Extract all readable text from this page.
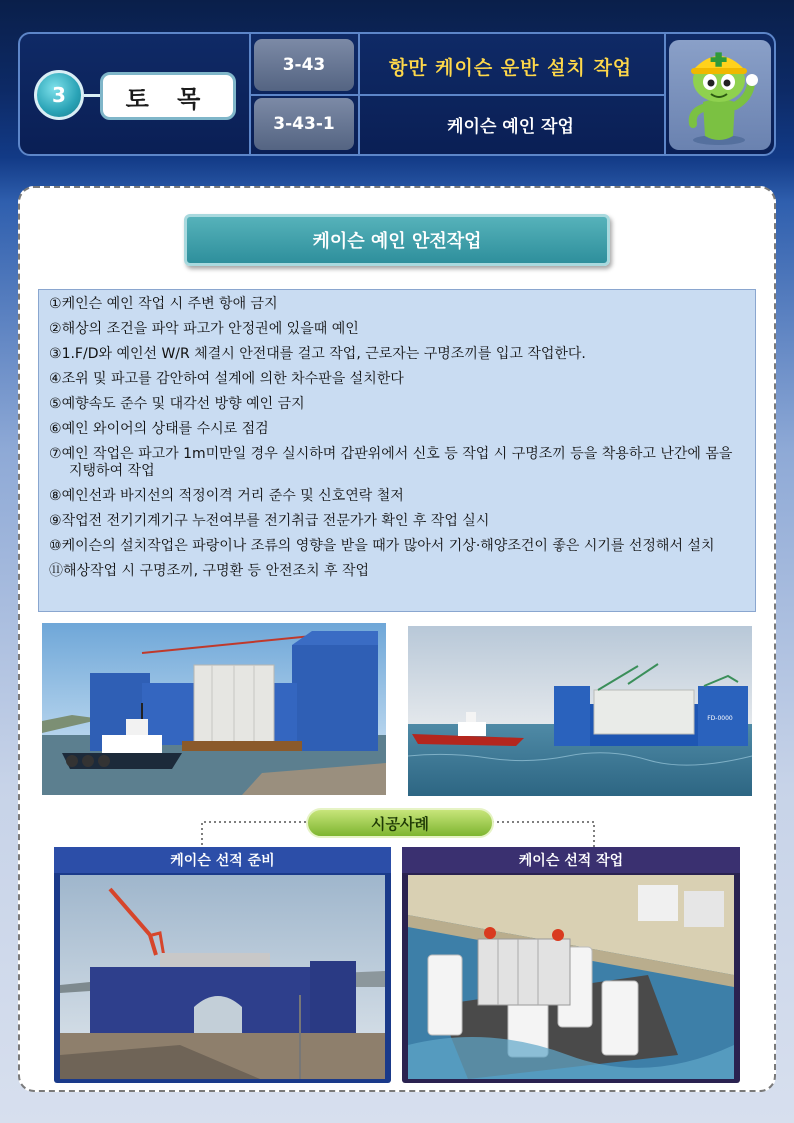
3	토 목
3-43
3-43-1
항만 케이슨 운반 설치 작업
케이슨 예인 작업
케이슨 예인 안전작업

①케인슨 예인 작업 시 주변 항애 금지

②해상의 조건을 파악 파고가 안정권에 있을때 예인

③1.F/D와 예인선 W/R 체결시 안전대를 걸고 작업, 근로자는 구명조끼를 입고 작업한다.

④조위 및 파고를 감안하여 설계에 의한 차수판을 설치한다

⑤예향속도 준수 및 대각선 방향 예인 금지

⑥예인 와이어의 상태를 수시로 점검

⑦예인 작업은 파고가 1m미만일 경우 실시하며 갑판위에서 신호 등 작업 시 구명조끼 등을 착용하고 난간에 몸을 지탱하여 작업

⑧예인선과 바지선의 적정이격 거리 준수 및 신호연락 철저

⑨작업전 전기기계기구 누전여부를 전기취급 전문가가 확인 후 작업 실시

⑩케이슨의 설치작업은 파랑이나 조류의 영향을 받을 때가 많아서 기상·해양조건이 좋은 시기를 선정해서 설치

⑪해상작업 시 구명조끼, 구명환 등 안전조치 후 작업

FD-0000
시공사례
케이슨 선적 준비	케이슨 선적 작업
